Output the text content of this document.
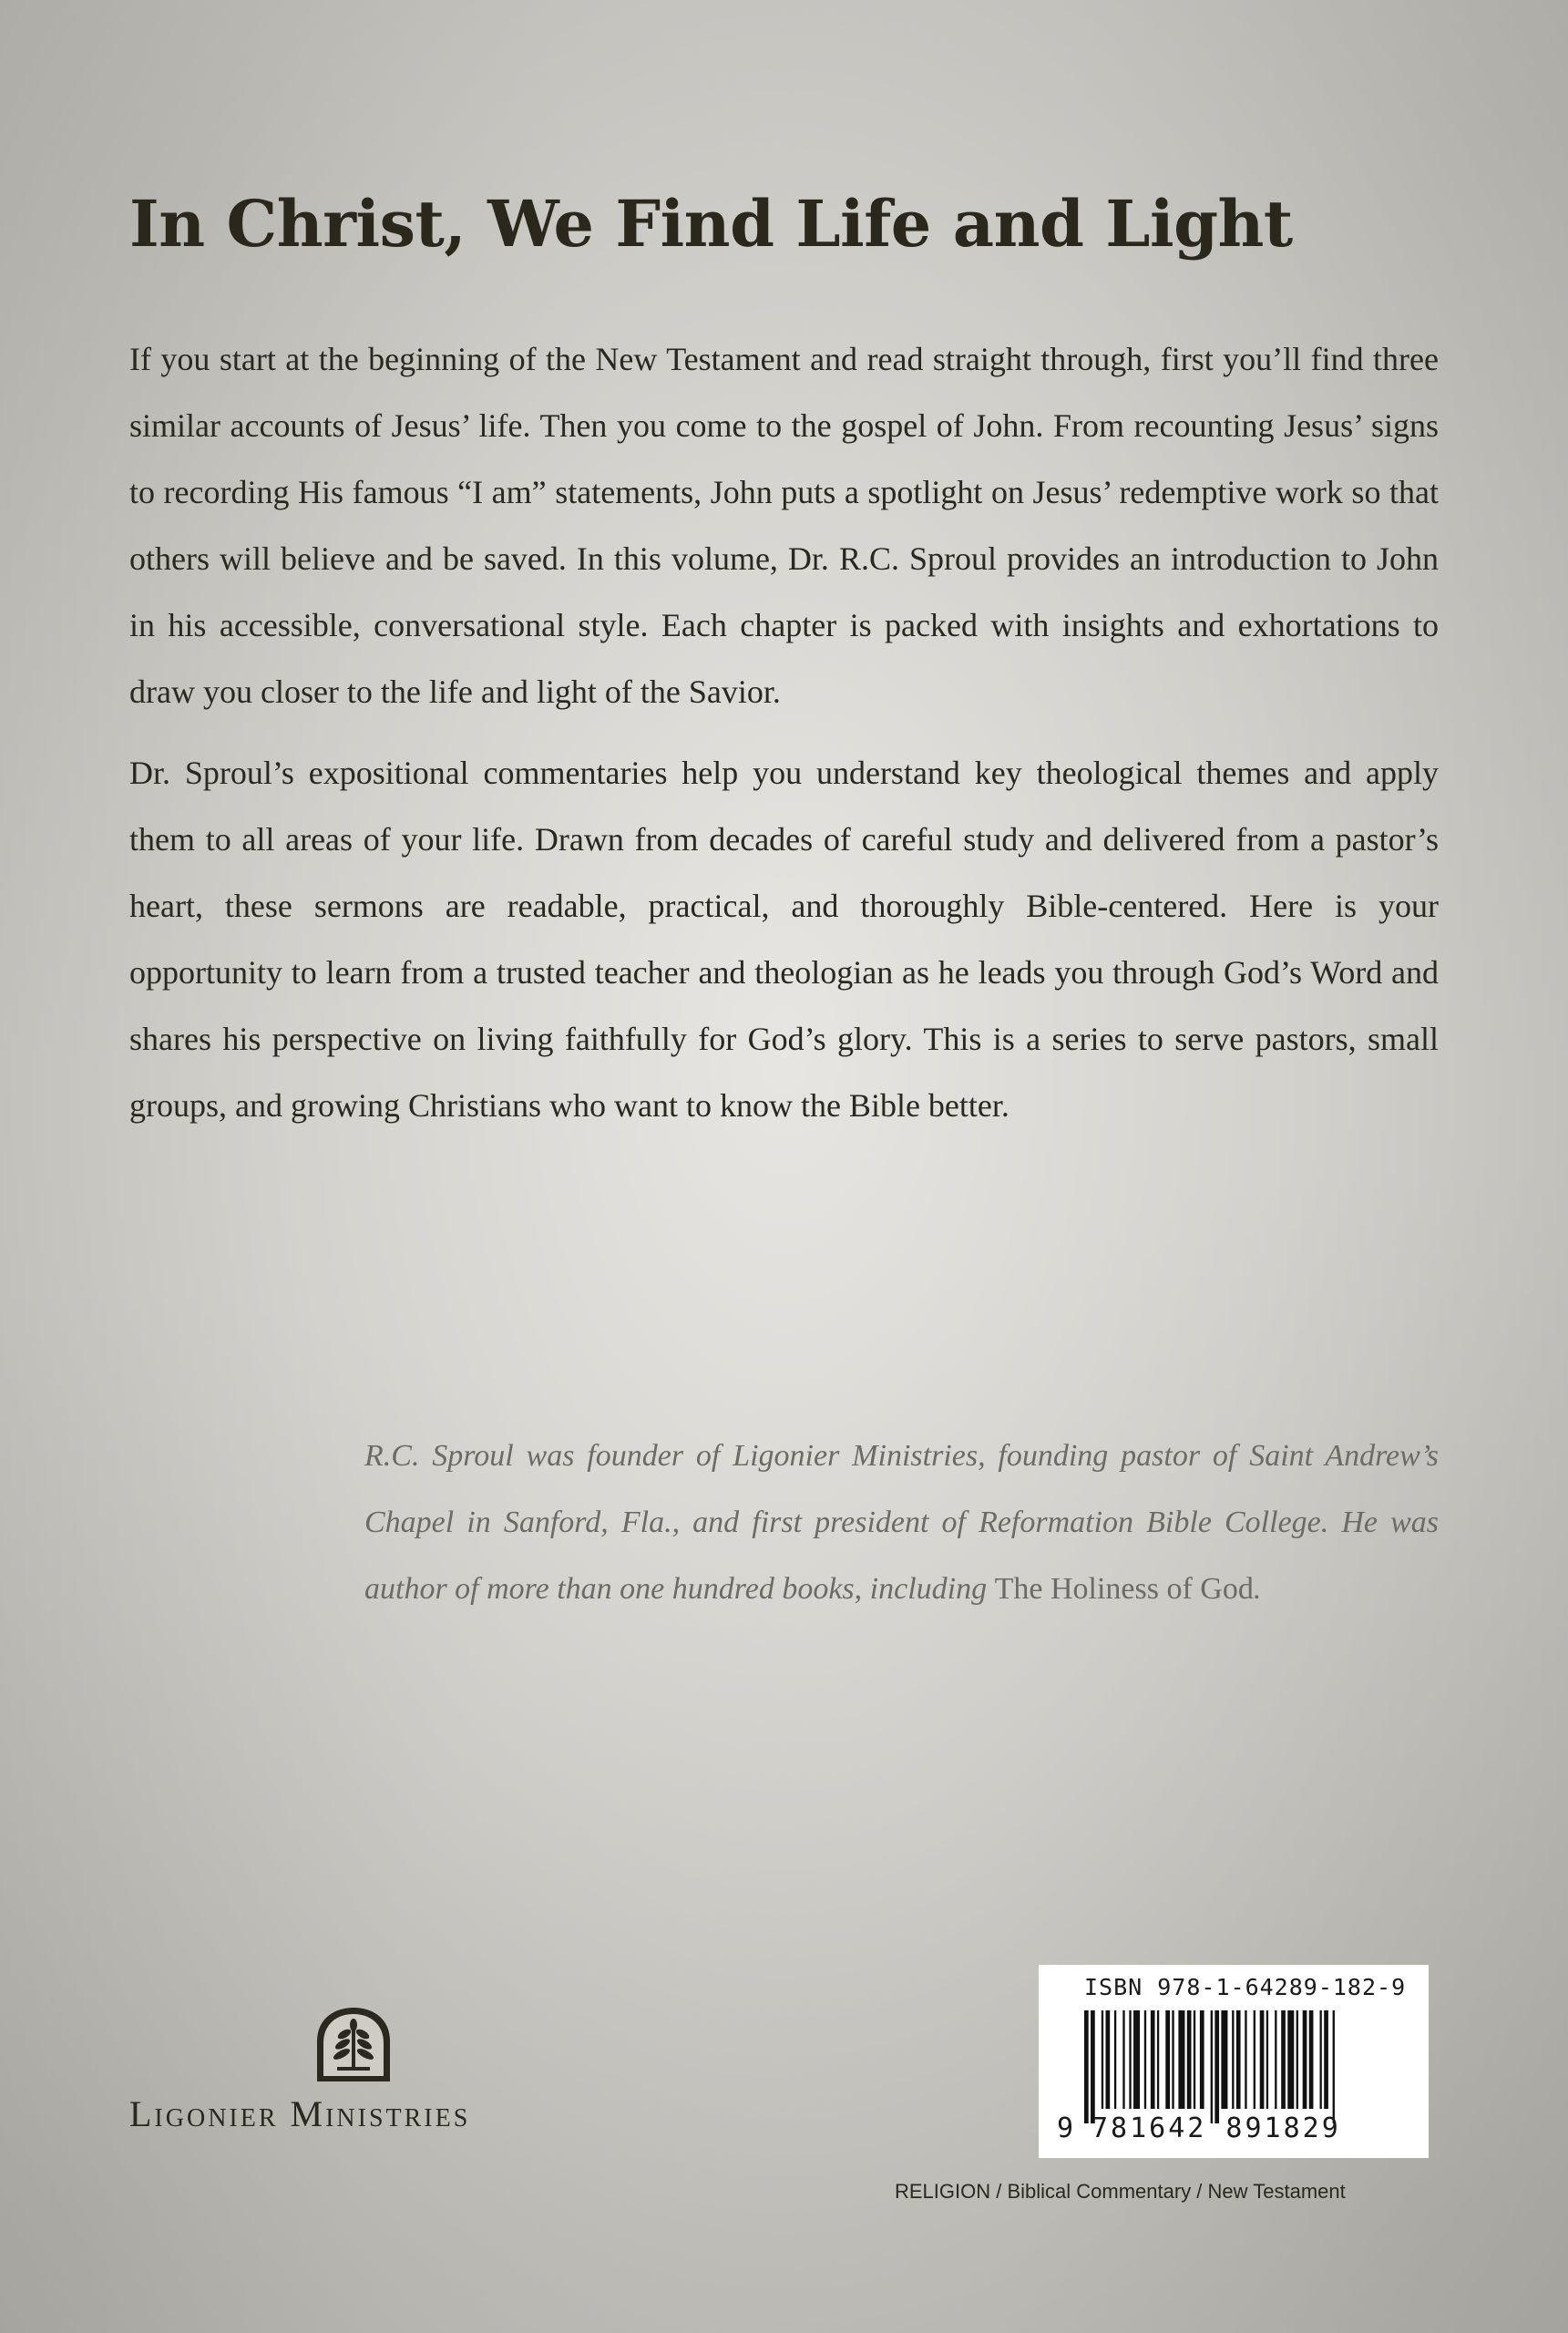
In Christ, We Find Life and Light

If you start at the beginning of the New Testament and read straight through, first you’ll find three similar accounts of Jesus’ life. Then you come to the gospel of John. From recounting Jesus’ signs to recording His famous “I am” statements, John puts a spotlight on Jesus’ redemptive work so that others will believe and be saved. In this volume, Dr. R.C. Sproul provides an introduction to John in his accessible, conversational style. Each chapter is packed with insights and exhortations to draw you closer to the life and light of the Savior.

Dr. Sproul’s expositional commentaries help you understand key theological themes and apply them to all areas of your life. Drawn from decades of careful study and delivered from a pastor’s heart, these sermons are readable, practical, and thoroughly Bible-centered. Here is your opportunity to learn from a trusted teacher and theologian as he leads you through God’s Word and shares his perspective on living faithfully for God’s glory. This is a series to serve pastors, small groups, and growing Christians who want to know the Bible better.

R.C. Sproul was founder of Ligonier Ministries, founding pastor of Saint Andrew’s Chapel in Sanford, Fla., and first president of Reformation Bible College. He was author of more than one hundred books, including The Holiness of God.
Ligonier Ministries
ISBN 978-1-64289-182-9
9 781642 891829
RELIGION / Biblical Commentary / New Testament
